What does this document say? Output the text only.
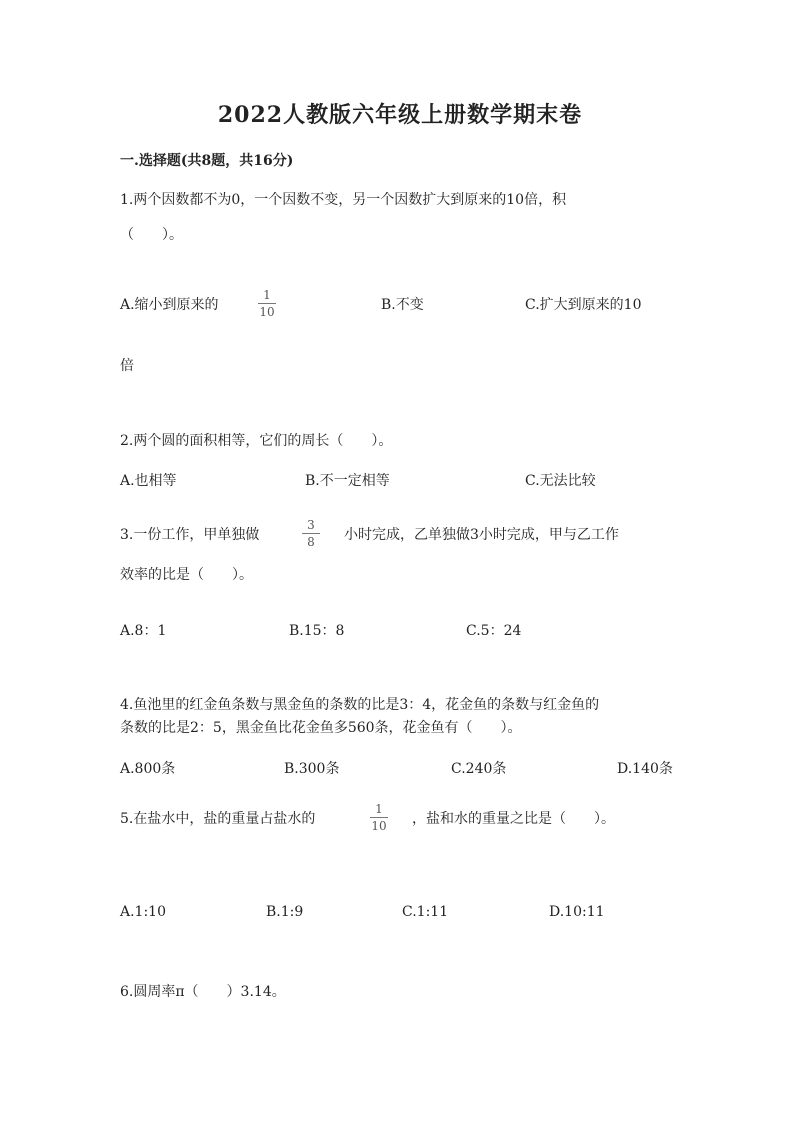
2022人教版六年级上册数学期末卷
一.选择题(共8题，共16分)
1.两个因数都不为0，一个因数不变，另一个因数扩大到原来的10倍，积
（　　）。
A.缩小到原来的
1
10	B.不变	C.扩大到原来的10
倍
2.两个圆的面积相等，它们的周长（　　）。
A.也相等	B.不一定相等	C.无法比较
3.一份工作，甲单独做
3
8 小时完成，乙单独做3小时完成，甲与乙工作
效率的比是（　　）。
A.8：1	B.15：8	C.5：24
4.鱼池里的红金鱼条数与黑金鱼的条数的比是3：4，花金鱼的条数与红金鱼的
条数的比是2：5，黑金鱼比花金鱼多560条，花金鱼有（　　）。
A.800条	B.300条	C.240条	D.140条
5.在盐水中，盐的重量占盐水的
1
10 ，盐和水的重量之比是（　　）。
A.1:10	B.1:9	C.1:11	D.10:11
6.圆周率π（　　）3.14。
